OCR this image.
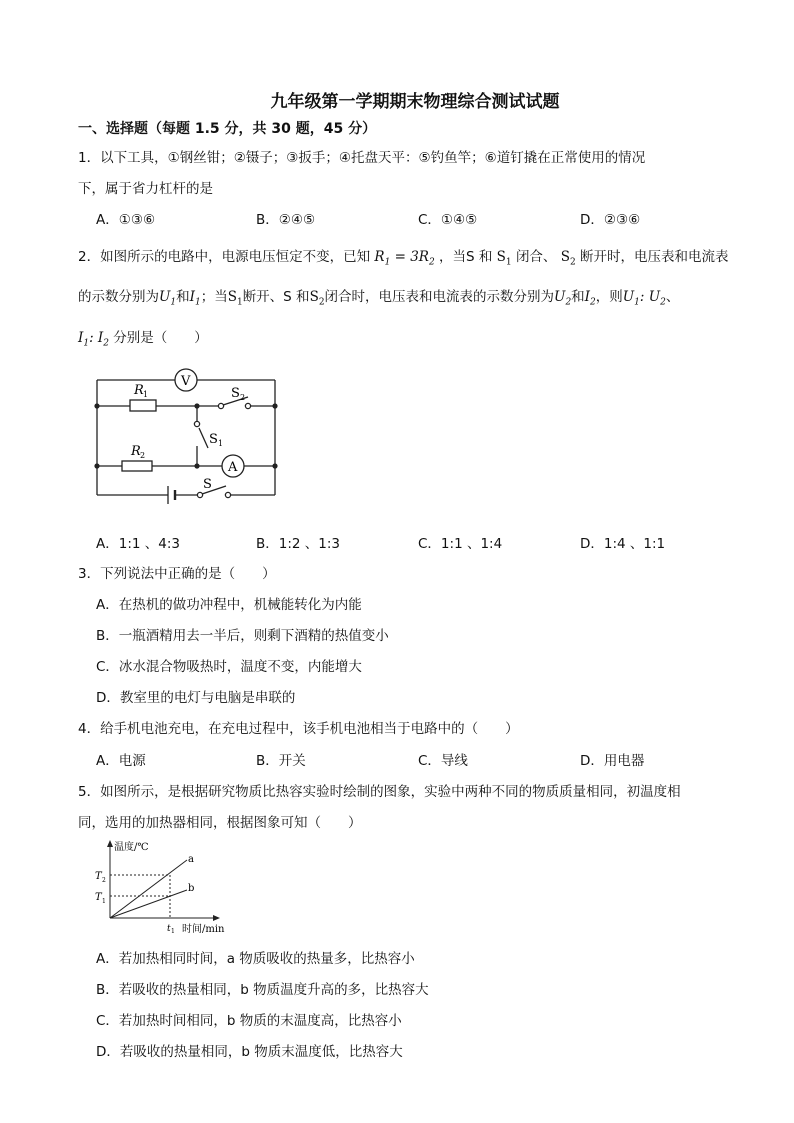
九年级第一学期期末物理综合测试试题
一、选择题（每题 1.5 分，共 30 题，45 分）
1．以下工具，①钢丝钳；②镊子；③扳手；④托盘天平：⑤钓鱼竿；⑥道钉撬在正常使用的情况
下，属于省力杠杆的是
A．①③⑥	B．②④⑤	C．①④⑤	D．②③⑥
2．如图所示的电路中，电源电压恒定不变，已知 $R_1 = 3R_2$ ，当S 和 $S_1$ 闭合、 $S_2$ 断开时，电压表和电流表
的示数分别为$U_1$和$I_1$；当$S_1$断开、S 和$S_2$闭合时，电压表和电流表的示数分别为$U_2$和$I_2$，则$U_1$: $U_2$、
$I_1$: $I_2$ 分别是（　　）
R 1
R 2
S 2
S 1
S
V
A
A．1:1 、4:3	B．1:2 、1:3	C．1:1 、1:4	D．1:4 、1:1
3．下列说法中正确的是（　　）
A．在热机的做功冲程中，机械能转化为内能
B．一瓶酒精用去一半后，则剩下酒精的热值变小
C．冰水混合物吸热时，温度不变，内能增大
D．教室里的电灯与电脑是串联的
4．给手机电池充电，在充电过程中，该手机电池相当于电路中的（　　）
A．电源	B．开关	C．导线	D．用电器
5．如图所示，是根据研究物质比热容实验时绘制的图象，实验中两种不同的物质质量相同，初温度相
同，选用的加热器相同，根据图象可知（　　）
温度/℃
时间/min
T 2
T 1
t 1
a
b
A．若加热相同时间，a 物质吸收的热量多，比热容小
B．若吸收的热量相同，b 物质温度升高的多，比热容大
C．若加热时间相同，b 物质的末温度高，比热容小
D．若吸收的热量相同，b 物质末温度低，比热容大
